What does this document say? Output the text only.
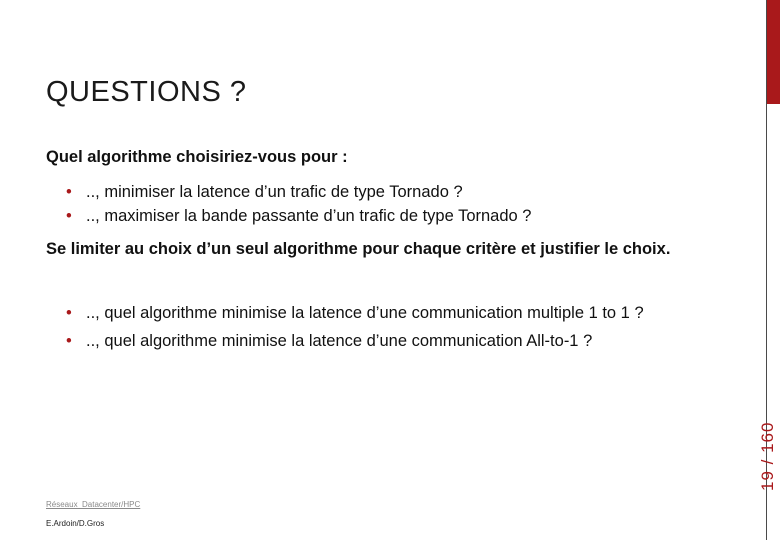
QUESTIONS ?
Quel algorithme choisiriez-vous pour :
• .., minimiser la latence d’un trafic de type Tornado ?
• .., maximiser la bande passante d’un trafic de type Tornado ?
Se limiter au choix d’un seul algorithme pour chaque critère et justifier le choix.
• .., quel algorithme minimise la latence d’une communication multiple 1 to 1 ?
• .., quel algorithme minimise la latence d’une communication All-to-1 ?
Réseaux_Datacenter/HPC
E.Ardoin/D.Gros
19 / 160
